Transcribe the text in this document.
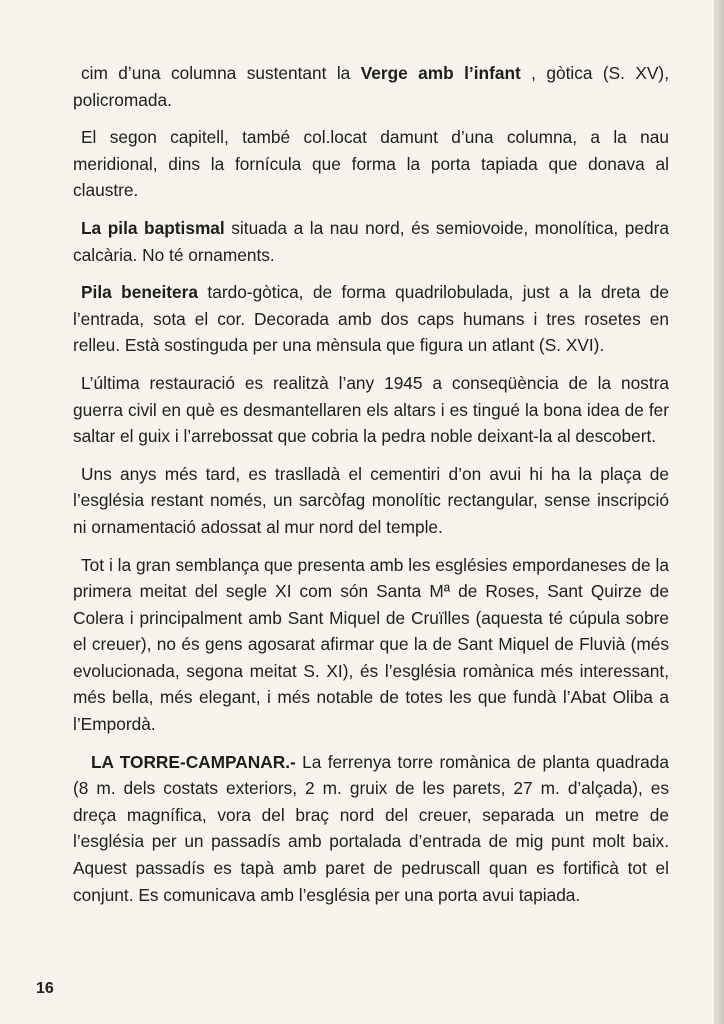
cim d’una columna sustentant la Verge amb l’infant , gòtica (S. XV), policromada.

El segon capitell, també col.locat damunt d’una columna, a la nau meridional, dins la fornícula que forma la porta tapiada que donava al claustre.

La pila baptismal situada a la nau nord, és semiovoide, monolítica, pedra calcària. No té ornaments.

Pila beneitera tardo-gòtica, de forma quadrilobulada, just a la dreta de l’entrada, sota el cor. Decorada amb dos caps humans i tres rosetes en relleu. Està sostinguda per una mènsula que figura un atlant (S. XVI).

L’última restauració es realitzà l’any 1945 a conseqüència de la nostra guerra civil en què es desmantellaren els altars i es tingué la bona idea de fer saltar el guix i l’arrebossat que cobria la pedra noble deixant-la al descobert.

Uns anys més tard, es traslladà el cementiri d’on avui hi ha la plaça de l’església restant només, un sarcòfag monolític rectangular, sense inscripció ni ornamentació adossat al mur nord del temple.

Tot i la gran semblança que presenta amb les esglésies empordaneses de la primera meitat del segle XI com són Santa Mª de Roses, Sant Quirze de Colera i principalment amb Sant Miquel de Cruïlles (aquesta té cúpula sobre el creuer), no és gens agosarat afirmar que la de Sant Miquel de Fluvià (més evolucionada, segona meitat S. XI), és l’església romànica més interessant, més bella, més elegant, i més notable de totes les que fundà l’Abat Oliba a l’Empordà.

LA TORRE-CAMPANAR.- La ferrenya torre romànica de planta quadrada (8 m. dels costats exteriors, 2 m. gruix de les parets, 27 m. d’alçada), es dreça magnífica, vora del braç nord del creuer, separada un metre de l’església per un passadís amb portalada d’entrada de mig punt molt baix. Aquest passadís es tapà amb paret de pedruscall quan es fortificà tot el conjunt. Es comunicava amb l’església per una porta avui tapiada.

16
